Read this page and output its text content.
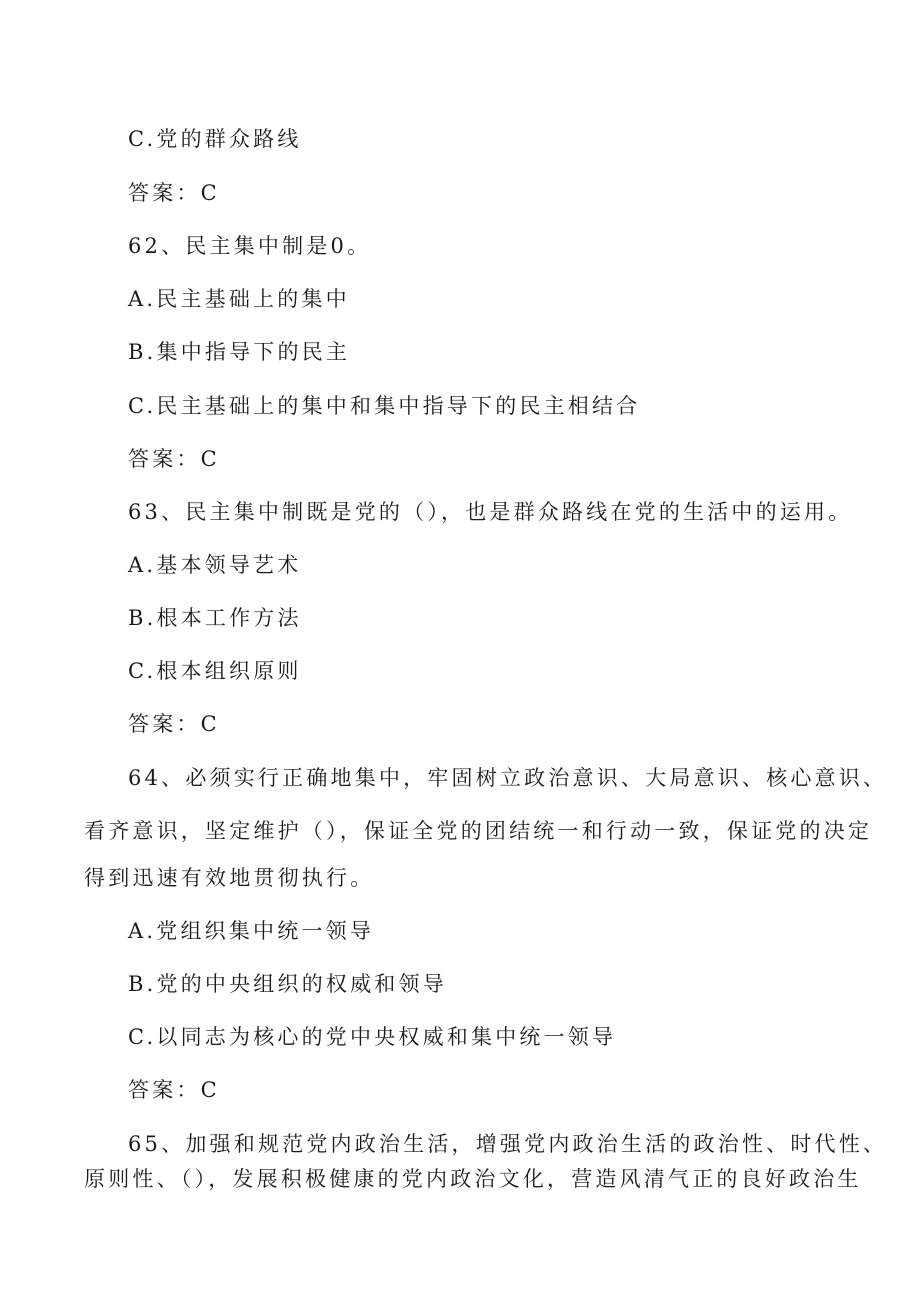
C.党的群众路线
答案：C
62、民主集中制是0。
A.民主基础上的集中
B.集中指导下的民主
C.民主基础上的集中和集中指导下的民主相结合
答案：C
63、民主集中制既是党的（），也是群众路线在党的生活中的运用。
A.基本领导艺术
B.根本工作方法
C.根本组织原则
答案：C
64、必须实行正确地集中，牢固树立政治意识、大局意识、核心意识、
看齐意识，坚定维护（），保证全党的团结统一和行动一致，保证党的决定
得到迅速有效地贯彻执行。
A.党组织集中统一领导
B.党的中央组织的权威和领导
C.以同志为核心的党中央权威和集中统一领导
答案：C
65、加强和规范党内政治生活，增强党内政治生活的政治性、时代性、
原则性、（），发展积极健康的党内政治文化，营造风清气正的良好政治生
